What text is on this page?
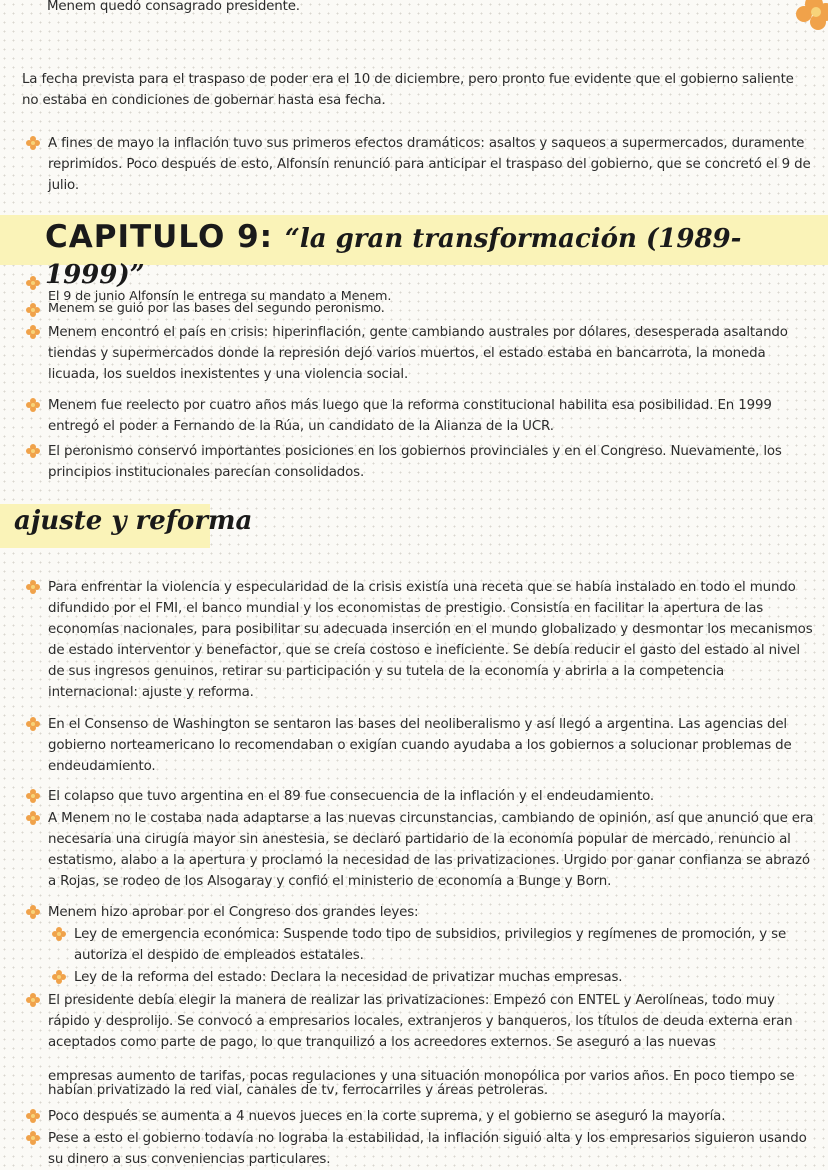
Menem quedó consagrado presidente.
La fecha prevista para el traspaso de poder era el 10 de diciembre, pero pronto fue evidente que el gobierno saliente no estaba en condiciones de gobernar hasta esa fecha.
A fines de mayo la inflación tuvo sus primeros efectos dramáticos: asaltos y saqueos a supermercados, duramente reprimidos. Poco después de esto, Alfonsín renunció para anticipar el traspaso del gobierno, que se concretó el 9 de julio.
CAPITULO 9: “la gran transformación (1989-1999)”
El 9 de junio Alfonsín le entrega su mandato a Menem.
Menem se guió por las bases del segundo peronismo.
Menem encontró el país en crisis: hiperinflación, gente cambiando australes por dólares, desesperada asaltando tiendas y supermercados donde la represión dejó varios muertos, el estado estaba en bancarrota, la moneda licuada, los sueldos inexistentes y una violencia social.
Menem fue reelecto por cuatro años más luego que la reforma constitucional habilita esa posibilidad. En 1999 entregó el poder a Fernando de la Rúa, un candidato de la Alianza de la UCR.
El peronismo conservó importantes posiciones en los gobiernos provinciales y en el Congreso. Nuevamente, los principios institucionales parecían consolidados.
ajuste y reforma
Para enfrentar la violencia y especularidad de la crisis existía una receta que se había instalado en todo el mundo difundido por el FMI, el banco mundial y los economistas de prestigio. Consistía en facilitar la apertura de las economías nacionales, para posibilitar su adecuada inserción en el mundo globalizado y desmontar los mecanismos de estado interventor y benefactor, que se creía costoso e ineficiente. Se debía reducir el gasto del estado al nivel de sus ingresos genuinos, retirar su participación y su tutela de la economía y abrirla a la competencia internacional: ajuste y reforma.
En el Consenso de Washington se sentaron las bases del neoliberalismo y así llegó a argentina. Las agencias del gobierno norteamericano lo recomendaban o exigían cuando ayudaba a los gobiernos a solucionar problemas de endeudamiento.
El colapso que tuvo argentina en el 89 fue consecuencia de la inflación y el endeudamiento.
A Menem no le costaba nada adaptarse a las nuevas circunstancias, cambiando de opinión, así que anunció que era necesaria una cirugía mayor sin anestesia, se declaró partidario de la economía popular de mercado, renuncio al estatismo, alabo a la apertura y proclamó la necesidad de las privatizaciones. Urgido por ganar confianza se abrazó a Rojas, se rodeo de los Alsogaray y confió el ministerio de economía a Bunge y Born.
Menem hizo aprobar por el Congreso dos grandes leyes:
Ley de emergencia económica: Suspende todo tipo de subsidios, privilegios y regímenes de promoción, y se autoriza el despido de empleados estatales.
Ley de la reforma del estado: Declara la necesidad de privatizar muchas empresas.
El presidente debía elegir la manera de realizar las privatizaciones: Empezó con ENTEL y Aerolíneas, todo muy rápido y desprolijo. Se convocó a empresarios locales, extranjeros y banqueros, los títulos de deuda externa eran aceptados como parte de pago, lo que tranquilizó a los acreedores externos. Se aseguró a las nuevas
empresas aumento de tarifas, pocas regulaciones y una situación monopólica por varios años. En poco tiempo se habían privatizado la red vial, canales de tv, ferrocarriles y áreas petroleras.
Poco después se aumenta a 4 nuevos jueces en la corte suprema, y el gobierno se aseguró la mayoría.
Pese a esto el gobierno todavía no lograba la estabilidad, la inflación siguió alta y los empresarios siguieron usando su dinero a sus conveniencias particulares.
